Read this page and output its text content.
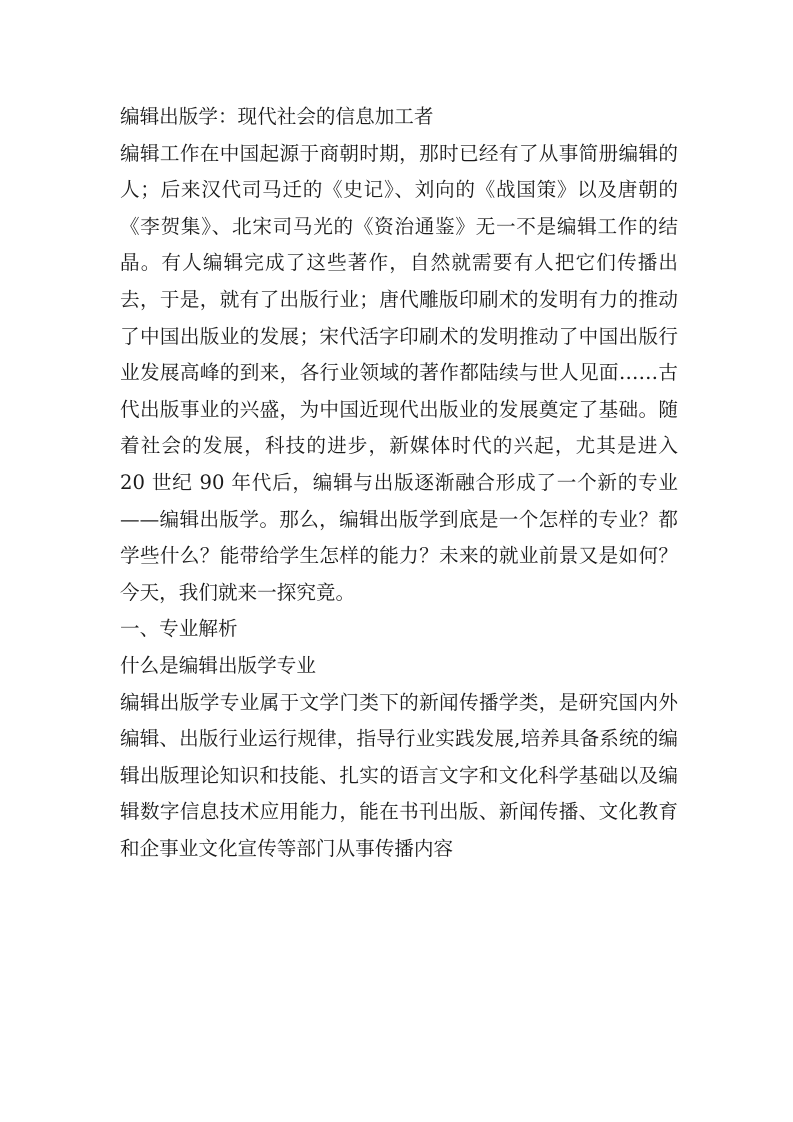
编辑出版学：现代社会的信息加工者

编辑工作在中国起源于商朝时期，那时已经有了从事简册编辑的人；后来汉代司马迁的《史记》、刘向的《战国策》以及唐朝的《李贺集》、北宋司马光的《资治通鉴》无一不是编辑工作的结晶。有人编辑完成了这些著作，自然就需要有人把它们传播出去，于是，就有了出版行业；唐代雕版印刷术的发明有力的推动了中国出版业的发展；宋代活字印刷术的发明推动了中国出版行业发展高峰的到来，各行业领域的著作都陆续与世人见面……古代出版事业的兴盛，为中国近现代出版业的发展奠定了基础。随着社会的发展，科技的进步，新媒体时代的兴起，尤其是进入 20 世纪 90 年代后，编辑与出版逐渐融合形成了一个新的专业——编辑出版学。那么，编辑出版学到底是一个怎样的专业？都学些什么？能带给学生怎样的能力？未来的就业前景又是如何？今天，我们就来一探究竟。

一、专业解析

什么是编辑出版学专业

编辑出版学专业属于文学门类下的新闻传播学类，是研究国内外编辑、出版行业运行规律，指导行业实践发展,培养具备系统的编辑出版理论知识和技能、扎实的语言文字和文化科学基础以及编辑数字信息技术应用能力，能在书刊出版、新闻传播、文化教育和企事业文化宣传等部门从事传播内容
